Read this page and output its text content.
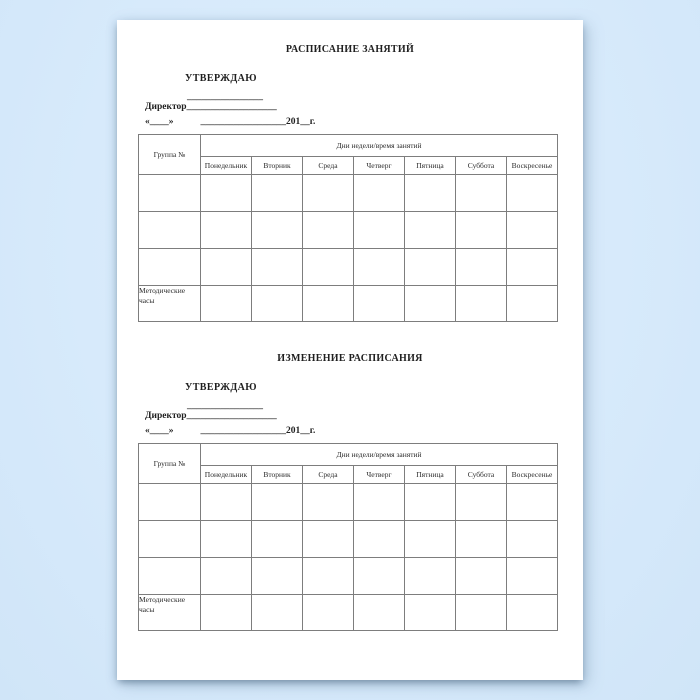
РАСПИСАНИЕ ЗАНЯТИЙ
УТВЕРЖДАЮ
________________
Директор___________________
«____»	__________________201__г.
Группа №	Дни недели/время занятий						
	Понедельник	Вторник	Среда	Четверг	Пятница	Суббота	Воскресенье

Методические часы							
ИЗМЕНЕНИЕ РАСПИСАНИЯ
УТВЕРЖДАЮ
________________
Директор___________________
«____»	__________________201__г.
Группа №	Дни недели/время занятий						
	Понедельник	Вторник	Среда	Четверг	Пятница	Суббота	Воскресенье

Методические часы							
